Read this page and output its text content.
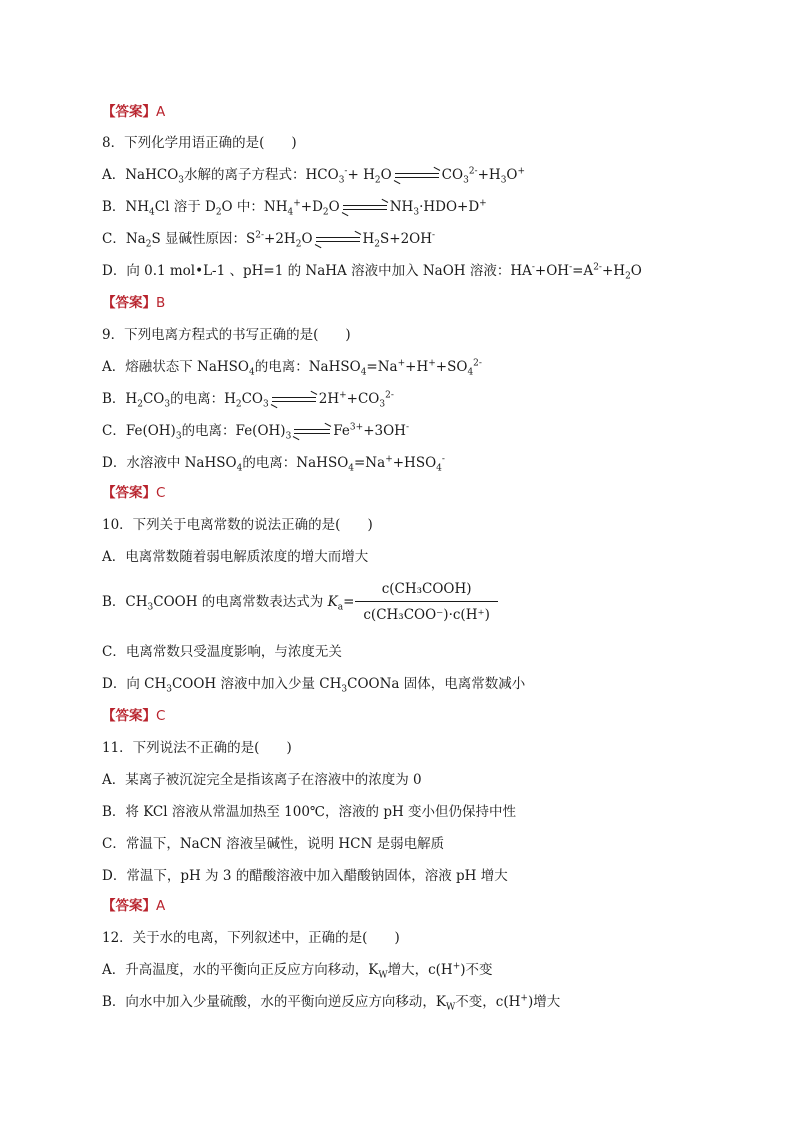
【答案】A
8．下列化学用语正确的是(　　)
A．NaHCO$_3$水解的离子方程式：$HCO_3^-+ H_2O$	$CO_3^{2-}+H_3O^+$
B．$NH_4Cl$ 溶于 $D_2O$ 中：$NH_4^++D_2O$	$NH_3\cdot HDO+D^+$
C．$Na_2S$ 显碱性原因：$S^{2-}+2H_2O$	$H_2S+2OH^-$
D．向 0.1 mol•L-1 、pH=1 的 NaHA 溶液中加入 NaOH 溶液：$HA^-+OH^-=A^{2-}+H_2O$
【答案】B
9．下列电离方程式的书写正确的是(　　)
A．熔融状态下 NaHSO$_4$的电离：$NaHSO_4=Na^++H^++SO_4^{2-}$
B．$H_2CO_3$的电离：$H_2CO_3$	$2H^++CO_3^{2-}$
C．$Fe(OH)_3$的电离：$Fe(OH)_3$	$Fe^{3+}+3OH^-$
D．水溶液中 NaHSO$_4$的电离：$NaHSO_4=Na^++HSO_4^-$
【答案】C
10．下列关于电离常数的说法正确的是(　　)
A．电离常数随着弱电解质浓度的增大而增大
B．$CH_3COOH$ 的电离常数表达式为 $K_a= \frac{\text{c(CH₃COOH)}}{\text{c(CH₃COO⁻)·c(H⁺)}}$
C．电离常数只受温度影响，与浓度无关
D．向 $CH_3COOH$ 溶液中加入少量 $CH_3COONa$ 固体，电离常数减小
【答案】C
11．下列说法不正确的是(　　)
A．某离子被沉淀完全是指该离子在溶液中的浓度为 0
B．将 KCl 溶液从常温加热至 100℃，溶液的 pH 变小但仍保持中性
C．常温下，NaCN 溶液呈碱性，说明 HCN 是弱电解质
D．常温下，pH 为 3 的醋酸溶液中加入醋酸钠固体，溶液 pH 增大
【答案】A
12．关于水的电离，下列叙述中，正确的是(　　)
A．升高温度，水的平衡向正反应方向移动，$K_W$增大，c(H+)不变
B．向水中加入少量硫酸，水的平衡向逆反应方向移动，$K_W$不变，c(H+)增大
